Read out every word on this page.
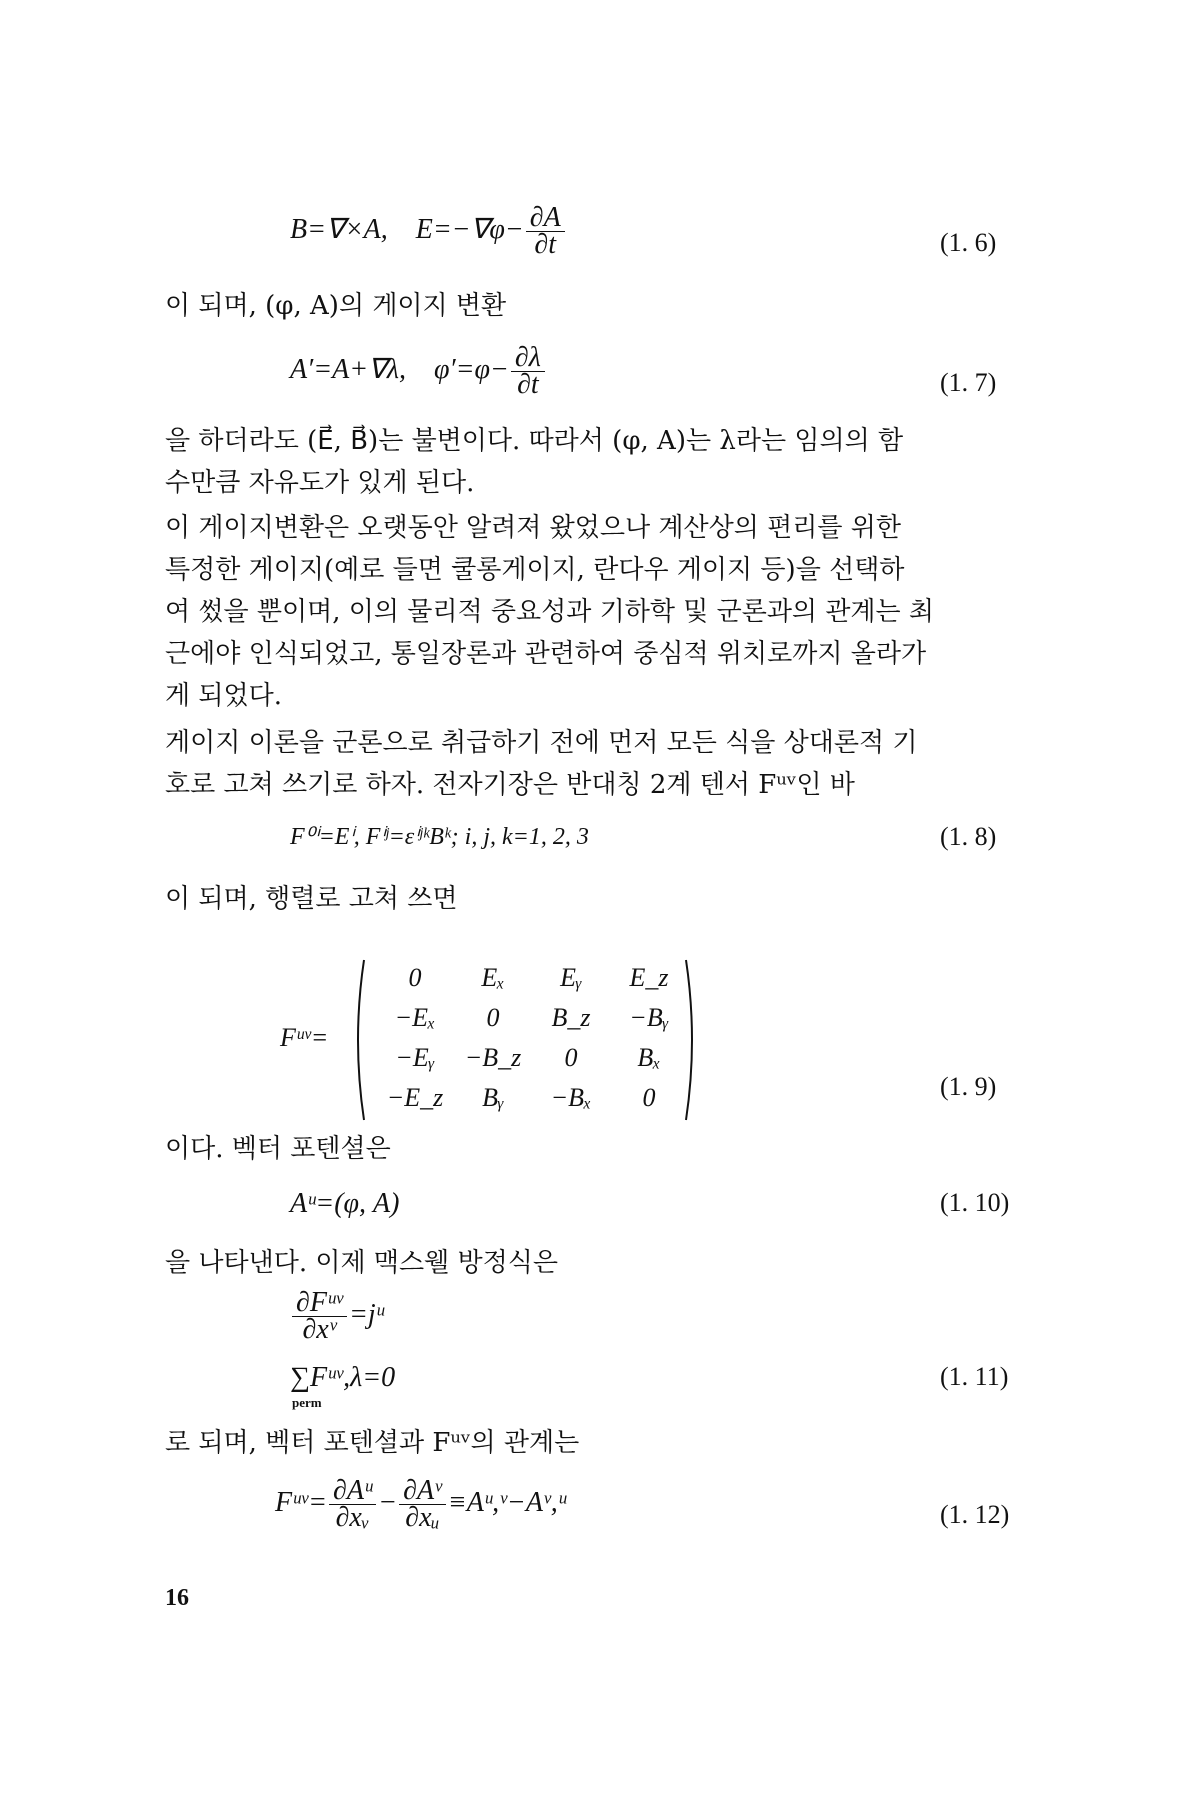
B=∇×A, $E=-\nabla\varphi- \frac{\partial A}{\partial t}$	(1. 6)
이 되며, (φ, A)의 게이지 변환
A′=A+∇λ, $\varphi'=\varphi- \frac{\partial\lambda}{\partial t}$	(1. 7)
을 하더라도 (E⃗, B⃗)는 불변이다. 따라서 (φ, A)는 λ라는 임의의 함
수만큼 자유도가 있게 된다.
이 게이지변환은 오랫동안 알려져 왔었으나 계산상의 편리를 위한
특정한 게이지(예로 들면 쿨롱게이지, 란다우 게이지 등)을 선택하
여 썼을 뿐이며, 이의 물리적 중요성과 기하학 및 군론과의 관계는 최
근에야 인식되었고, 통일장론과 관련하여 중심적 위치로까지 올라가
게 되었다.
게이지 이론을 군론으로 취급하기 전에 먼저 모든 식을 상대론적 기
호로 고쳐 쓰기로 하자. 전자기장은 반대칭 2계 텐서 Fᵘᵛ인 바
F⁰ⁱ=Eⁱ, Fⁱʲ=εⁱʲᵏBᵏ; i, j, k=1, 2, 3	(1. 8)
이 되며, 행렬로 고쳐 쓰면
Fᵘᵛ=
0	Eₓ	Eᵧ	E_z
−Eₓ	0	B_z	−Bᵧ
−Eᵧ	−B_z	0	Bₓ
−E_z	Bᵧ	−Bₓ	0	(1. 9)
이다. 벡터 포텐셜은
Aᵘ=(φ, A)	(1. 10)
을 나타낸다. 이제 맥스웰 방정식은
$\frac{\text{∂Fᵘᵛ}}{\text{∂xᵛ}}$ =jᵘ
∑Fᵘᵛ,λ=0
perm
(1. 11)
로 되며, 벡터 포텐셜과 Fᵘᵛ의 관계는
Fᵘᵛ= $\frac{\text{∂Aᵘ}}{\text{∂xᵥ}} - \frac{\text{∂Aᵛ}}{\text{∂xᵤ}}$ ≡Aᵘ,ᵛ−Aᵛ,ᵘ	(1. 12)
16
